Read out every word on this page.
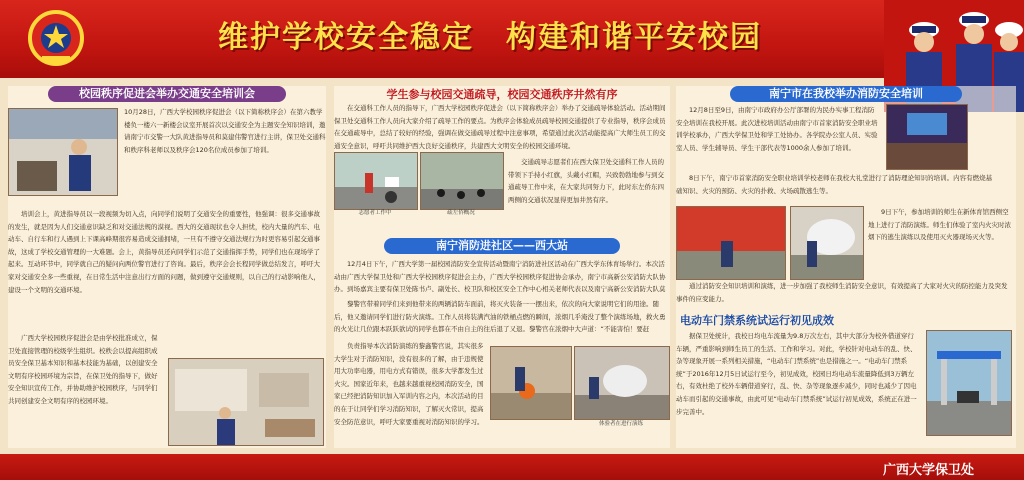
维护学校安全稳定　构建和谐平安校园
校园秩序促进会举办交通安全培训会

10月28日，广西大学校园秩序促进会（以下简称秩序会）在第六教学楼负一楼六一新楼会议室开展首次以交通安全为主题安全知识培训，邀请南宁市交警一大队黄进指导员和莫建伟警官进行主讲，保卫处交通科和秩序科老师以及秩序会120名位成员参加了培训。

培训会上，黄进指导员以一段视频为切入点，向同学们说明了交通安全的重要性，他强调：很多交通事故的发生，就是因为人们交通意识缺乏和对交通法规的漠视。西大的交通现状也令人担忧，校内大量的汽车、电动车、自行车和行人遇到上下课高峰期很容易造成交通拥堵，一旦有不遵守交通法规行为时更容易引起交通事故，这成了学校交通管理的一大难题。会上，黄指导员还向同学们示范了交通指挥手势，同学们也在现场学了起来。互动环节中，同学就自己的疑问向两位警官进行了咨询。最后，秩序会会长程同学做总结发言，呼吁大家对交通安全多一些重视，在日常生活中注意出行方面的问题，做到遵守交通规则，以自己的行动影响他人，建设一个文明的交通环境。

广西大学校园秩序促进会是由学校批准成立，保卫处直接管理的校级学生组织。校秩会以提高组织成员安全保卫基本知识和基本技能为基础，以创建安全文明有序校园环境为宗旨，在保卫处的指导下，做好安全知识宣传工作，并协助维护校园秩序，与同学们共同创建安全文明有序的校园环境。

学生参与校园交通疏导，校园交通秩序井然有序

在交通科工作人员的指导下，广西大学校园秩序促进会（以下简称秩序会）举办了交通疏导体验活动。活动期间保卫处交通科工作人员向大家介绍了疏导工作的要点。为秩序会体验成员疏导校园交通提供了专业指导，秩序会成员在交通疏导中，总结了较好的经验，强调在做交通疏导过程中注意事项，希望通过此次活动能提高广大师生员工的交通安全意识，呼吁共同维护西大良好交通秩序，共建西大文明安全的校园交通环境。

志愿者工作中	疏左侨概况

交通疏导志愿者们在西大保卫处交通科工作人员的带领下手持小红旗，头戴小红帽，兴致勃勃地参与到交通疏导工作中来，在大家共同努力下，此时东左侨东四两侧的交通状况显得更加井然有序。

南宁消防进社区——西大站

12月4日下午，广西大学第一届校园消防安全宣传活动暨南宁消防进社区活动在广西大学东体育场举行。本次活动由广西大学保卫处和广西大学校园秩序促进会主办，广西大学校园秩序促进协会承办，南宁市高新公安消防大队协办。到场嘉宾主要有保卫处陈书卢、副处长、校卫队和校区安全工作中心相关老师代表以及南宁高新公安消防大队莫

黎警官带着同学们来到他带来的两辆消防车面前，将灭火装备一一摆出来，依次的向大家说明它们的用途。随后，他又邀请同学们进行防火演练。工作人员将装满汽油的铁桶点燃的瞬间，浓烟几乎淹没了整个演练场地，救火勇的火光让几位跟本跃跃欲试的同学也都在不由自主的往后退了又退。黎警官在浓烟中大声道：“不能害怕！要赶

负责指导本次消防演练的黎鑫警官说，其实很多大学生对于消防知识，没有很多的了解，由于违规使用大功率电器，用电方式有错误，很多大学都发生过火灾。国家近年来，也越来越重视校园消防安全，国家已经把消防知识加入军训内容之内，本次活动的目的在于让同学们学习消防知识，了解灭火常识，提高安全防范意识，呼吁大家要重视对消防知识的学习。	体验者在进行演练
南宁市在我校举办消防安全培训

12月8日至9日，由南宁市政府办公厅部署的为民办实事工程消防安全培训在我校开展。此次进校培训活动由南宁市首家消防安全职业培训学校承办，广西大学保卫处和学工处协办。各学院办公室人员、实验室人员、学生辅导员、学生干部代表等1000余人参加了培训。

8日下午，南宁市首家消防安全职业培训学校老师在我校大礼堂进行了消防理论知识的培训。内容有燃烧基础知识、火灾的预防、火灾的扑救、火场疏散逃生等。

9日下午，参加培训的师生在新体育馆西侧空地上进行了消防演练。师生们体验了室内火灾时浓烟下的逃生演练以及使用灭火器现场灭火等。

通过消防安全知识培训和演练，进一步加强了我校师生消防安全意识，有效提高了大家对火灾的防控能力及突发事件的应变能力。

电动车门禁系统试运行初见成效

据保卫处统计，我校日均电车流量为9.8万次左右，其中大部分为校外借道穿行车辆，严重影响到师生员工的生活、工作和学习。对此，学校针对电动车的乱、快、杂等现象开展一系列相关措施，“电动车门禁系统”也是措施之一。“电动车门禁系统”于2016年12月5日试运行至今，初见成效，校园日均电动车流量降低到3万辆左右，有效杜绝了校外车辆借道穿行，乱、快、杂等现象逐步减少，同时也减少了因电动车而引起的交通事故，由此可见“电动车门禁系统”试运行初见成效，系统正在进一步完善中。

广西大学保卫处
